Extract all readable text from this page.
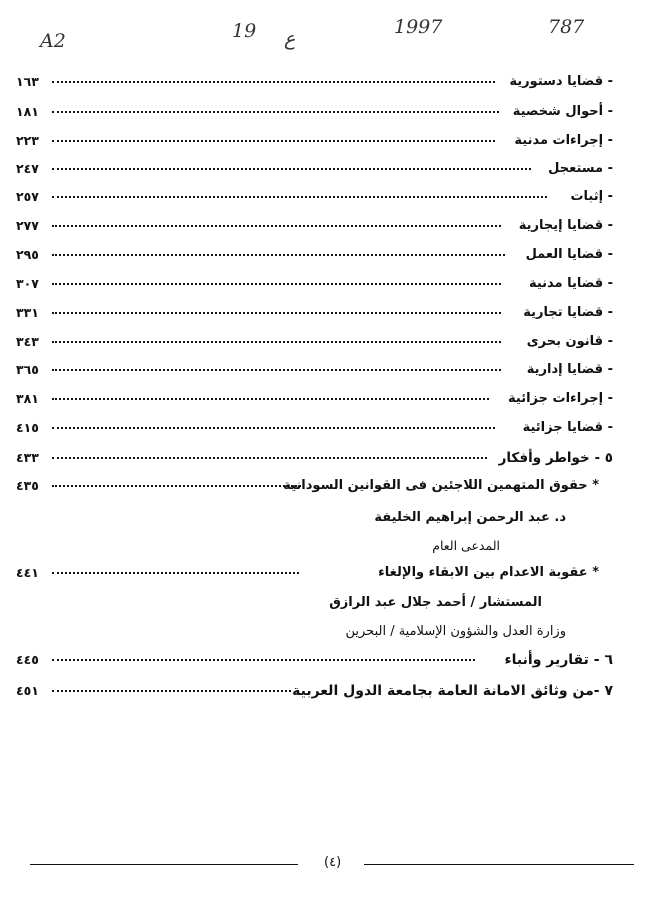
A2	19 ع
1997	787
- قضايا دستورية
١٦٣
- أحوال شخصية
١٨١
- إجراءات مدنية
٢٢٣
- مستعجل
٢٤٧
- إثبات
٢٥٧
- قضايا إيجارية
٢٧٧
- قضايا العمل
٢٩٥
- قضايا مدنية
٣٠٧
- قضايا تجارية
٣٣١
- قانون بحرى
٣٤٣
- قضايا إدارية
٣٦٥
- إجراءات جزائية
٣٨١
- قضايا جزائية
٤١٥
٥ - خواطر وأفكار
٤٣٣
* حقوق المتهمين اللاجئين فى القوانين السودانية
٤٣٥
د. عبد الرحمن إبراهيم الخليفة
المدعى العام
* عقوبة الاعدام بين الابقاء والإلغاء
٤٤١
المستشار / أحمد جلال عبد الرازق
وزارة العدل والشؤون الإسلامية / البحرين
٦ - تقارير وأنباء
٤٤٥
٧ -من وثائق الامانة العامة بجامعة الدول العربية
٤٥١
(٤)
